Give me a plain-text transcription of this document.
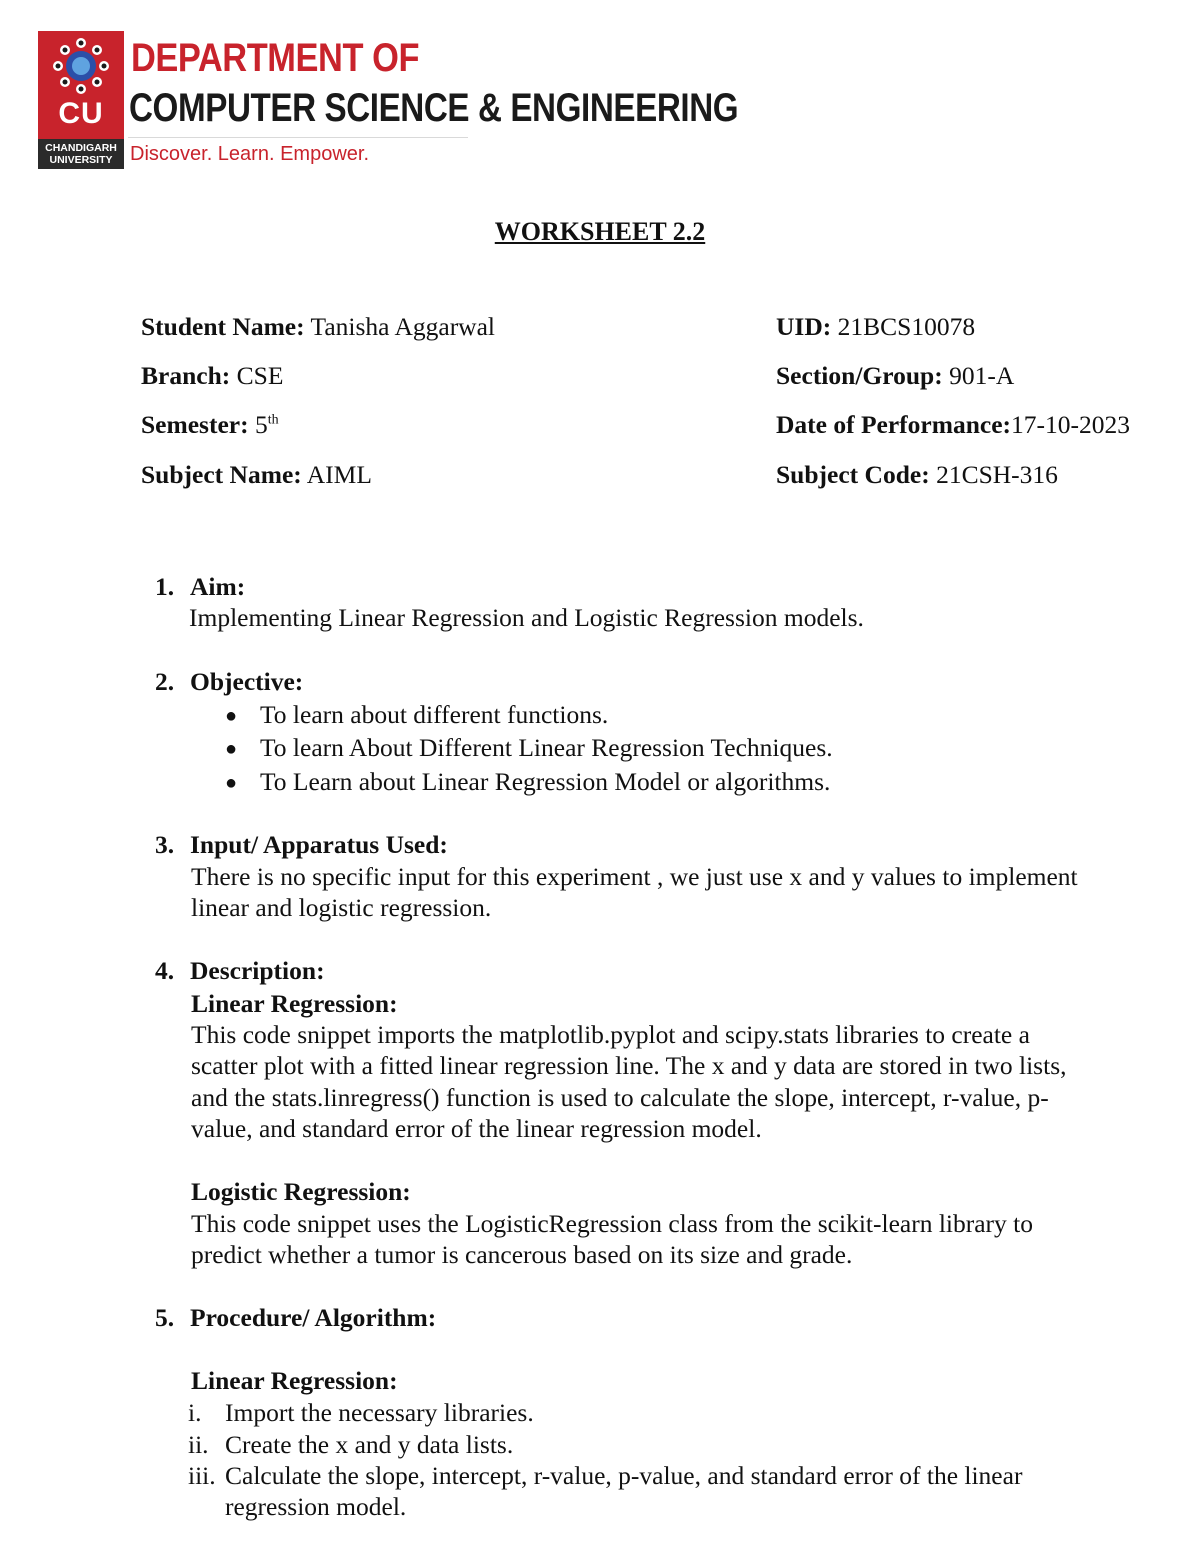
CU
CHANDIGARH UNIVERSITY
DEPARTMENT OF
COMPUTER SCIENCE & ENGINEERING
Discover. Learn. Empower.
WORKSHEET 2.2
Student Name: Tanisha Aggarwal	UID: 21BCS10078
Branch: CSE	Section/Group: 901-A
Semester: 5th	Date of Performance:17-10-2023
Subject Name: AIML	Subject Code: 21CSH-316
1. Aim:
Implementing Linear Regression and Logistic Regression models.
2. Objective:
● To learn about different functions.
● To learn About Different Linear Regression Techniques.
● To Learn about Linear Regression Model or algorithms.
3. Input/ Apparatus Used:
There is no specific input for this experiment , we just use x and y values to implement
linear and logistic regression.
4. Description:
Linear Regression:
This code snippet imports the matplotlib.pyplot and scipy.stats libraries to create a
scatter plot with a fitted linear regression line. The x and y data are stored in two lists,
and the stats.linregress() function is used to calculate the slope, intercept, r-value, p-
value, and standard error of the linear regression model.
Logistic Regression:
This code snippet uses the LogisticRegression class from the scikit-learn library to
predict whether a tumor is cancerous based on its size and grade.
5. Procedure/ Algorithm:
Linear Regression:
i. Import the necessary libraries.
ii. Create the x and y data lists.
iii. Calculate the slope, intercept, r-value, p-value, and standard error of the linear
regression model.
